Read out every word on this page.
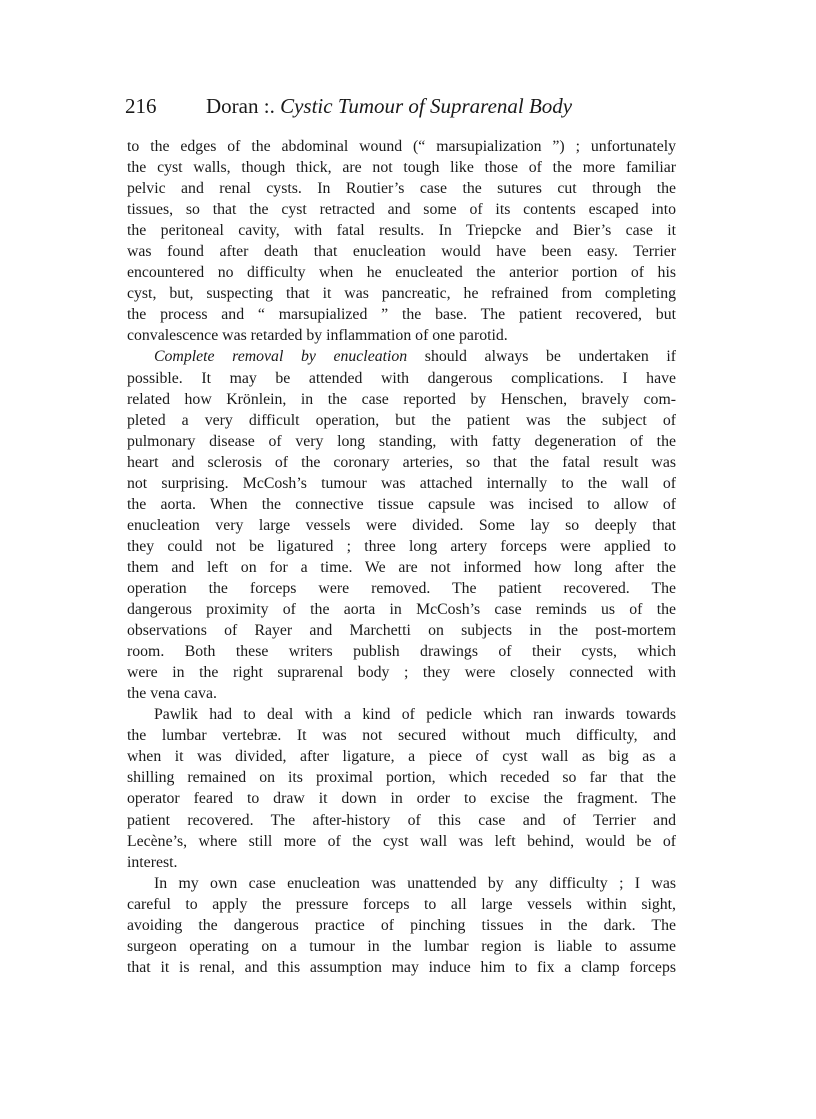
216 Doran :. Cystic Tumour of Suprarenal Body
to the edges of the abdominal wound (“ marsupialization ”) ; unfortunately
the cyst walls, though thick, are not tough like those of the more familiar
pelvic and renal cysts. In Routier’s case the sutures cut through the
tissues, so that the cyst retracted and some of its contents escaped into
the peritoneal cavity, with fatal results. In Triepcke and Bier’s case it
was found after death that enucleation would have been easy. Terrier
encountered no difficulty when he enucleated the anterior portion of his
cyst, but, suspecting that it was pancreatic, he refrained from completing
the process and “ marsupialized ” the base. The patient recovered, but
convalescence was retarded by inflammation of one parotid.
Complete removal by enucleation should always be undertaken if
possible. It may be attended with dangerous complications. I have
related how Krönlein, in the case reported by Henschen, bravely com-
pleted a very difficult operation, but the patient was the subject of
pulmonary disease of very long standing, with fatty degeneration of the
heart and sclerosis of the coronary arteries, so that the fatal result was
not surprising. McCosh’s tumour was attached internally to the wall of
the aorta. When the connective tissue capsule was incised to allow of
enucleation very large vessels were divided. Some lay so deeply that
they could not be ligatured ; three long artery forceps were applied to
them and left on for a time. We are not informed how long after the
operation the forceps were removed. The patient recovered. The
dangerous proximity of the aorta in McCosh’s case reminds us of the
observations of Rayer and Marchetti on subjects in the post-mortem
room. Both these writers publish drawings of their cysts, which
were in the right suprarenal body ; they were closely connected with
the vena cava.
Pawlik had to deal with a kind of pedicle which ran inwards towards
the lumbar vertebræ. It was not secured without much difficulty, and
when it was divided, after ligature, a piece of cyst wall as big as a
shilling remained on its proximal portion, which receded so far that the
operator feared to draw it down in order to excise the fragment. The
patient recovered. The after-history of this case and of Terrier and
Lecène’s, where still more of the cyst wall was left behind, would be of
interest.
In my own case enucleation was unattended by any difficulty ; I was
careful to apply the pressure forceps to all large vessels within sight,
avoiding the dangerous practice of pinching tissues in the dark. The
surgeon operating on a tumour in the lumbar region is liable to assume
that it is renal, and this assumption may induce him to fix a clamp forceps
